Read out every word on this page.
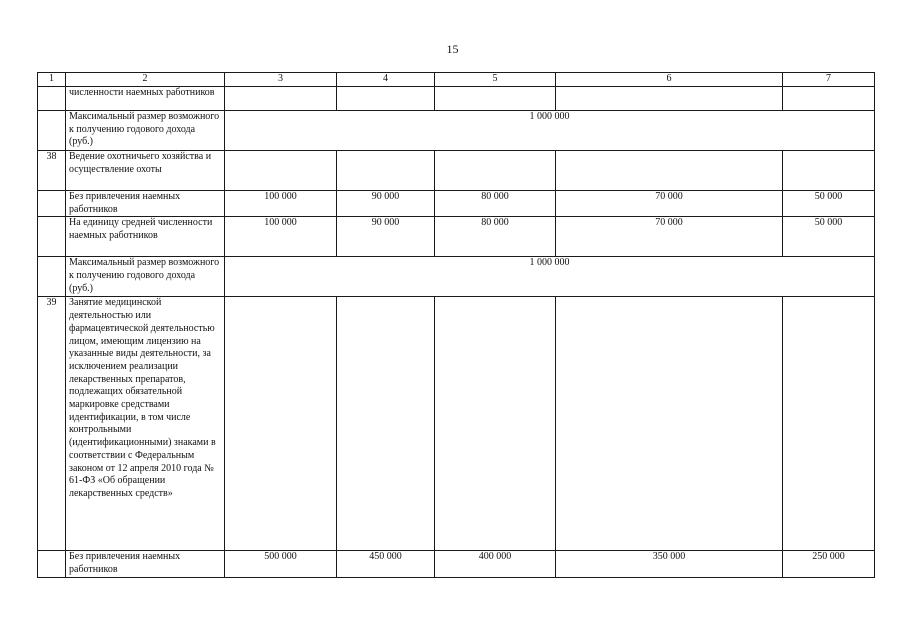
15
1	2	3	4	5	6	7
	численности наемных работников					
	Максимальный размер возможного к получению годового дохода (руб.)	1 000 000				
38	Ведение охотничьего хозяйства и осуществление охоты					
	Без привлечения наемных работников	100 000	90 000	80 000	70 000	50 000
	На единицу средней численности наемных работников	100 000	90 000	80 000	70 000	50 000
	Максимальный размер возможного к получению годового дохода (руб.)	1 000 000				
39	Занятие медицинской деятельностью или фармацевтической деятельностью лицом, имеющим лицензию на указанные виды деятельности, за исключением реализации лекарственных препаратов, подлежащих обязательной маркировке средствами идентификации, в том числе контрольными (идентификационными) знаками в соответствии с Федеральным законом от 12 апреля 2010 года № 61-ФЗ «Об обращении лекарственных средств»					
	Без привлечения наемных работников	500 000	450 000	400 000	350 000	250 000
